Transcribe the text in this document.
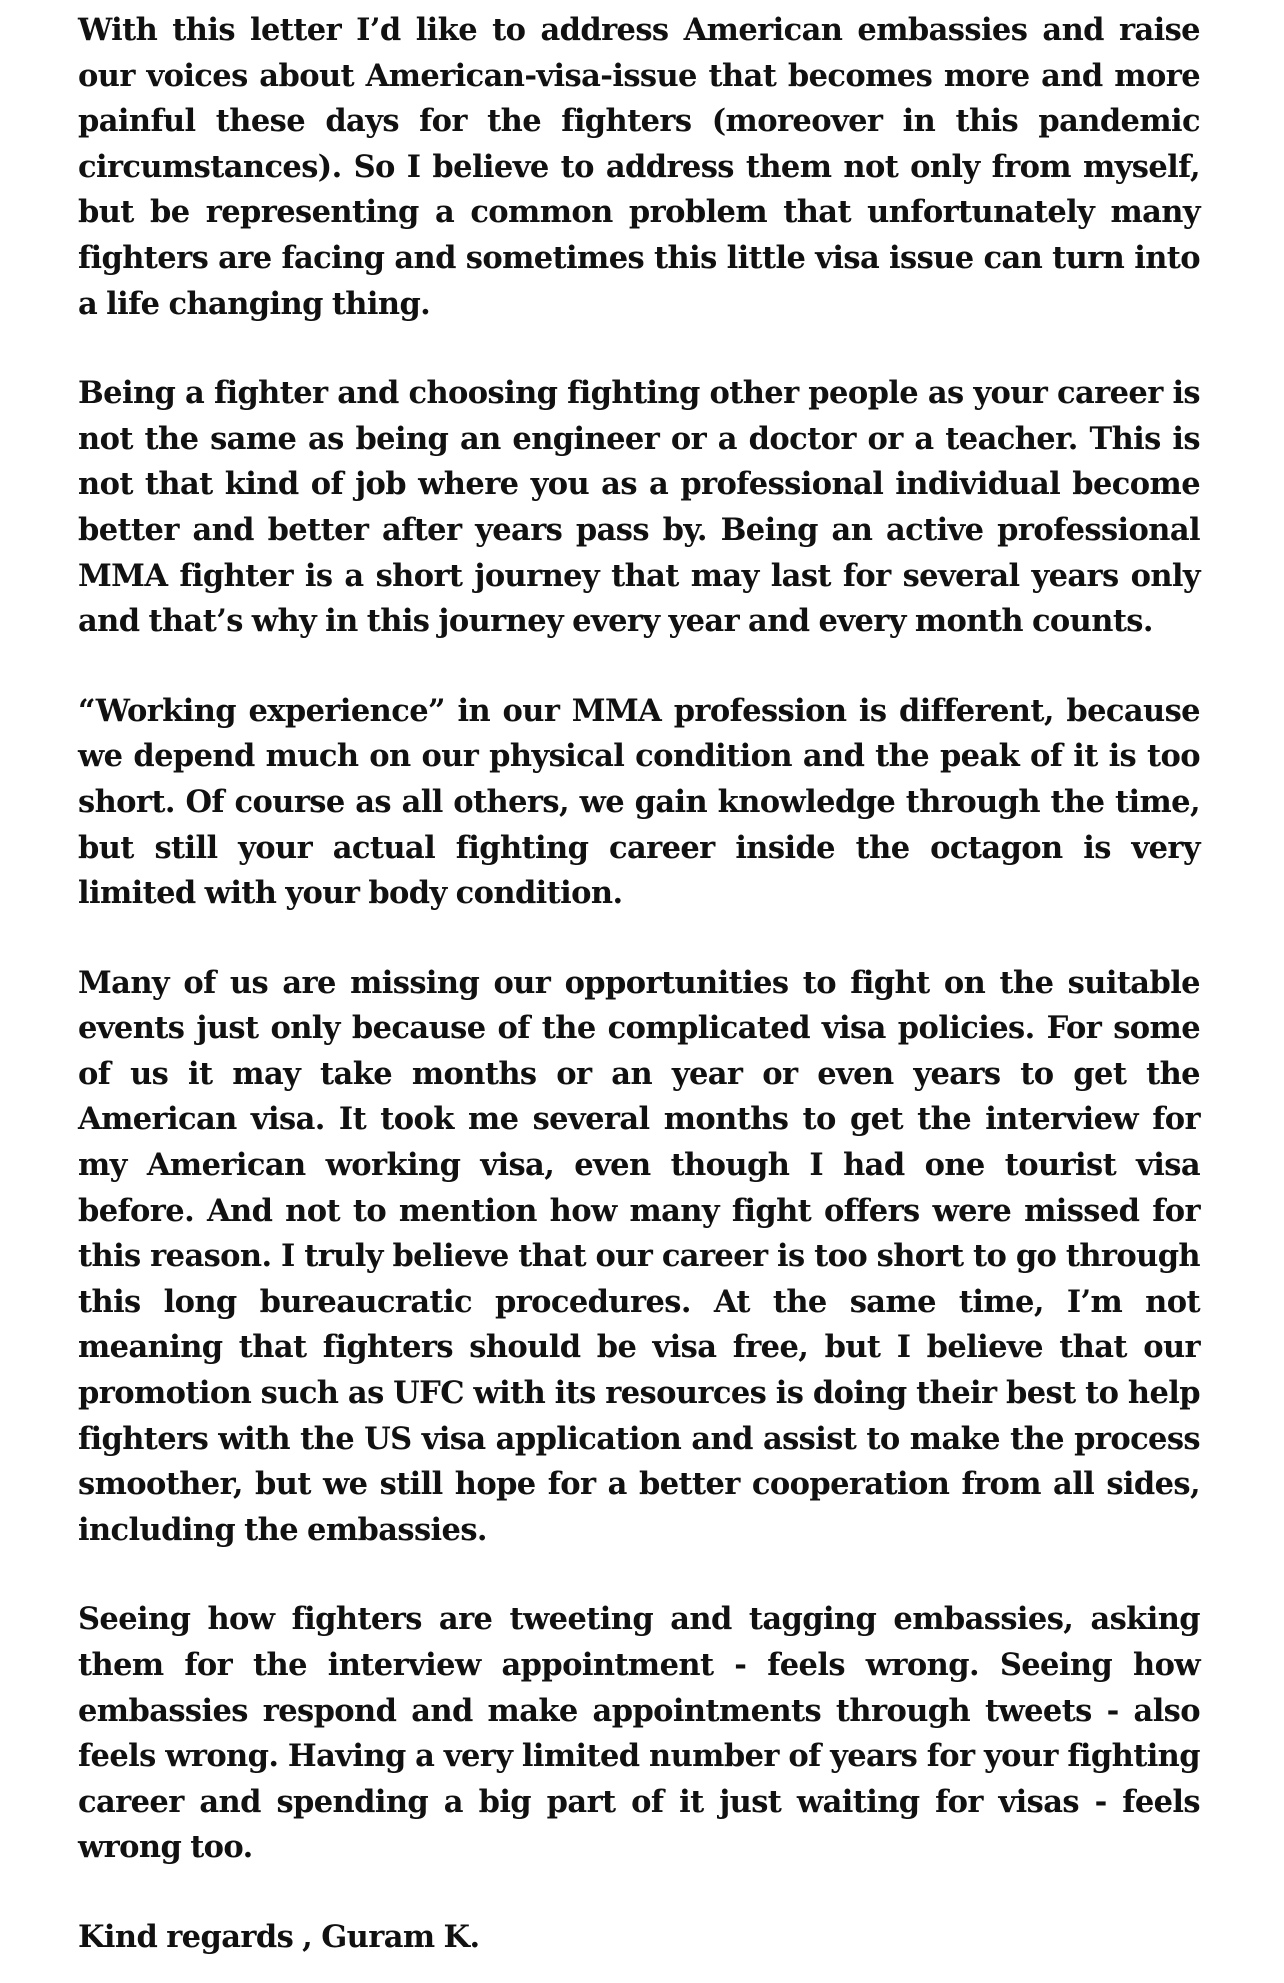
With this letter I’d like to address American embassies and raise our voices about American-visa-issue that becomes more and more painful these days for the fighters (moreover in this pandemic circumstances). So I believe to address them not only from myself, but be representing a common problem that unfortunately many fighters are facing and sometimes this little visa issue can turn into a life changing thing.

Being a fighter and choosing fighting other people as your career is not the same as being an engineer or a doctor or a teacher. This is not that kind of job where you as a professional individual become better and better after years pass by. Being an active professional MMA fighter is a short journey that may last for several years only and that’s why in this journey every year and every month counts.

“Working experience” in our MMA profession is different, because we depend much on our physical condition and the peak of it is too short. Of course as all others, we gain knowledge through the time, but still your actual fighting career inside the octagon is very limited with your body condition.

Many of us are missing our opportunities to fight on the suitable events just only because of the complicated visa policies. For some of us it may take months or an year or even years to get the American visa. It took me several months to get the interview for my American working visa, even though I had one tourist visa before. And not to mention how many fight offers were missed for this reason. I truly believe that our career is too short to go through this long bureaucratic procedures. At the same time, I’m not meaning that fighters should be visa free, but I believe that our promotion such as UFC with its resources is doing their best to help fighters with the US visa application and assist to make the process smoother, but we still hope for a better cooperation from all sides, including the embassies.

Seeing how fighters are tweeting and tagging embassies, asking them for the interview appointment - feels wrong. Seeing how embassies respond and make appointments through tweets - also feels wrong. Having a very limited number of years for your fighting career and spending a big part of it just waiting for visas - feels wrong too.

Kind regards , Guram K.
